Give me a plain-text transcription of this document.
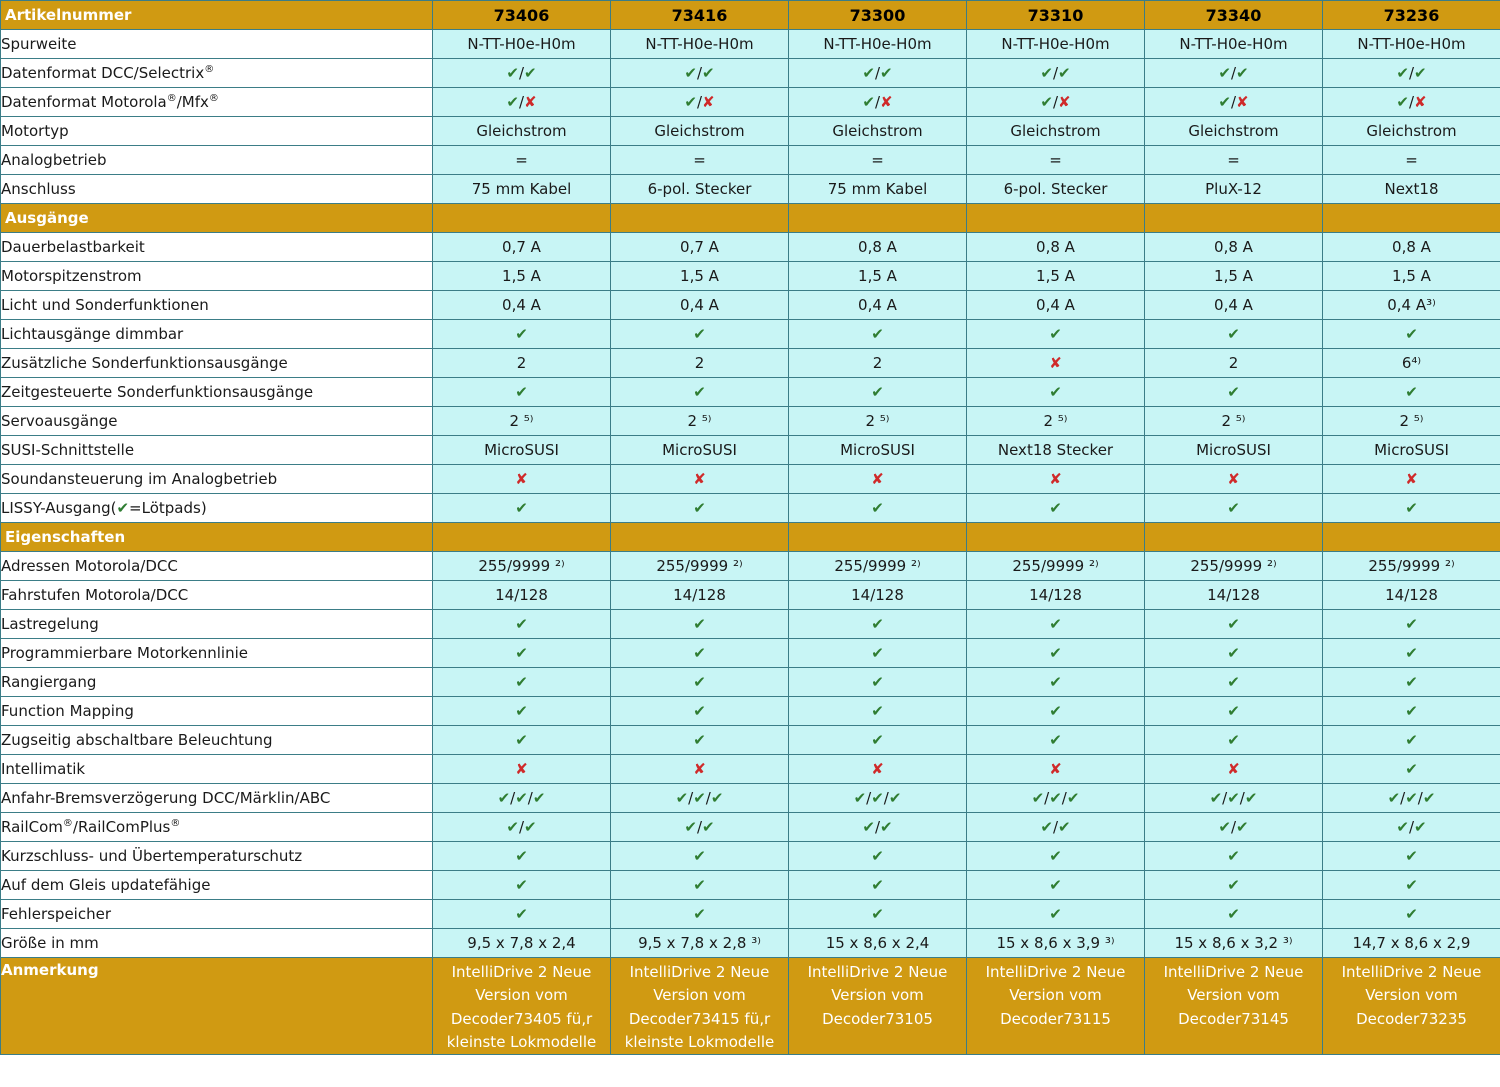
Artikelnummer	73406	73416	73300	73310	73340	73236
Spurweite	N-TT-H0e-H0m	N-TT-H0e-H0m	N-TT-H0e-H0m	N-TT-H0e-H0m	N-TT-H0e-H0m	N-TT-H0e-H0m
Datenformat DCC/Selectrix®	✔/✔	✔/✔	✔/✔	✔/✔	✔/✔	✔/✔
Datenformat Motorola®/Mfx®	✔/✘	✔/✘	✔/✘	✔/✘	✔/✘	✔/✘
Motortyp	Gleichstrom	Gleichstrom	Gleichstrom	Gleichstrom	Gleichstrom	Gleichstrom
Analogbetrieb	=	=	=	=	=	=
Anschluss	75 mm Kabel	6-pol. Stecker	75 mm Kabel	6-pol. Stecker	PluX-12	Next18
Ausgänge						
Dauerbelastbarkeit	0,7 A	0,7 A	0,8 A	0,8 A	0,8 A	0,8 A
Motorspitzenstrom	1,5 A	1,5 A	1,5 A	1,5 A	1,5 A	1,5 A
Licht und Sonderfunktionen	0,4 A	0,4 A	0,4 A	0,4 A	0,4 A	0,4 A³⁾
Lichtausgänge dimmbar	✔	✔	✔	✔	✔	✔
Zusätzliche Sonderfunktionsausgänge	2	2	2	✘	2	6⁴⁾
Zeitgesteuerte Sonderfunktionsausgänge	✔	✔	✔	✔	✔	✔
Servoausgänge	2 ⁵⁾	2 ⁵⁾	2 ⁵⁾	2 ⁵⁾	2 ⁵⁾	2 ⁵⁾
SUSI-Schnittstelle	MicroSUSI	MicroSUSI	MicroSUSI	Next18 Stecker	MicroSUSI	MicroSUSI
Soundansteuerung im Analogbetrieb	✘	✘	✘	✘	✘	✘
LISSY-Ausgang(✔=Lötpads)	✔	✔	✔	✔	✔	✔
Eigenschaften						
Adressen Motorola/DCC	255/9999 ²⁾	255/9999 ²⁾	255/9999 ²⁾	255/9999 ²⁾	255/9999 ²⁾	255/9999 ²⁾
Fahrstufen Motorola/DCC	14/128	14/128	14/128	14/128	14/128	14/128
Lastregelung	✔	✔	✔	✔	✔	✔
Programmierbare Motorkennlinie	✔	✔	✔	✔	✔	✔
Rangiergang	✔	✔	✔	✔	✔	✔
Function Mapping	✔	✔	✔	✔	✔	✔
Zugseitig abschaltbare Beleuchtung	✔	✔	✔	✔	✔	✔
Intellimatik	✘	✘	✘	✘	✘	✔
Anfahr-Bremsverzögerung DCC/Märklin/ABC	✔/✔/✔	✔/✔/✔	✔/✔/✔	✔/✔/✔	✔/✔/✔	✔/✔/✔
RailCom®/RailComPlus®	✔/✔	✔/✔	✔/✔	✔/✔	✔/✔	✔/✔
Kurzschluss- und Übertemperaturschutz	✔	✔	✔	✔	✔	✔
Auf dem Gleis updatefähige	✔	✔	✔	✔	✔	✔
Fehlerspeicher	✔	✔	✔	✔	✔	✔
Größe in mm	9,5 x 7,8 x 2,4	9,5 x 7,8 x 2,8 ³⁾	15 x 8,6 x 2,4	15 x 8,6 x 3,9 ³⁾	15 x 8,6 x 3,2 ³⁾	14,7 x 8,6 x 2,9
Anmerkung	IntelliDrive 2 Neue Version vom Decoder73405 fü‚r kleinste Lokmodelle	IntelliDrive 2 Neue Version vom Decoder73415 fü‚r kleinste Lokmodelle	IntelliDrive 2 Neue Version vom Decoder73105	IntelliDrive 2 Neue Version vom Decoder73115	IntelliDrive 2 Neue Version vom Decoder73145	IntelliDrive 2 Neue Version vom Decoder73235
